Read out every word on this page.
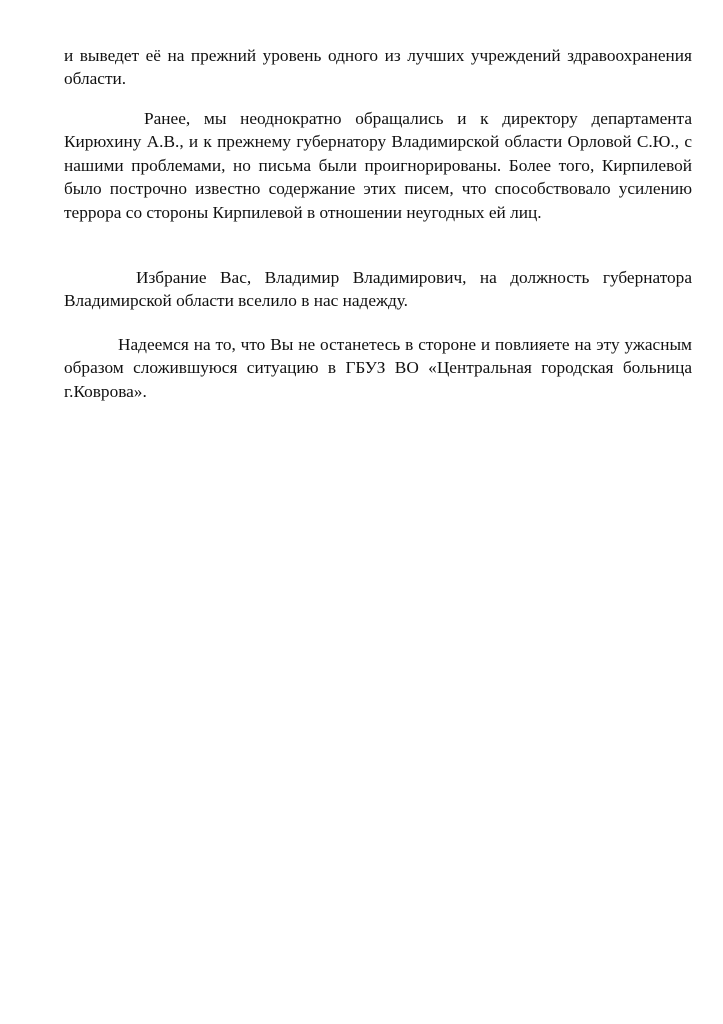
и выведет её на прежний уровень одного из лучших учреждений здравоохранения области.

Ранее, мы неоднократно обращались и к директору департамента Кирюхину А.В., и к прежнему губернатору Владимирской области Орловой С.Ю., с нашими проблемами, но письма были проигнорированы. Более того, Кирпилевой было построчно известно содержание этих писем, что способствовало усилению террора со стороны Кирпилевой в отношении неугодных ей лиц.

Избрание Вас, Владимир Владимирович, на должность губернатора Владимирской области вселило в нас надежду.

Надеемся на то, что Вы не останетесь в стороне и повлияете на эту ужасным образом сложившуюся ситуацию в ГБУЗ ВО «Центральная городская больница г.Коврова».
